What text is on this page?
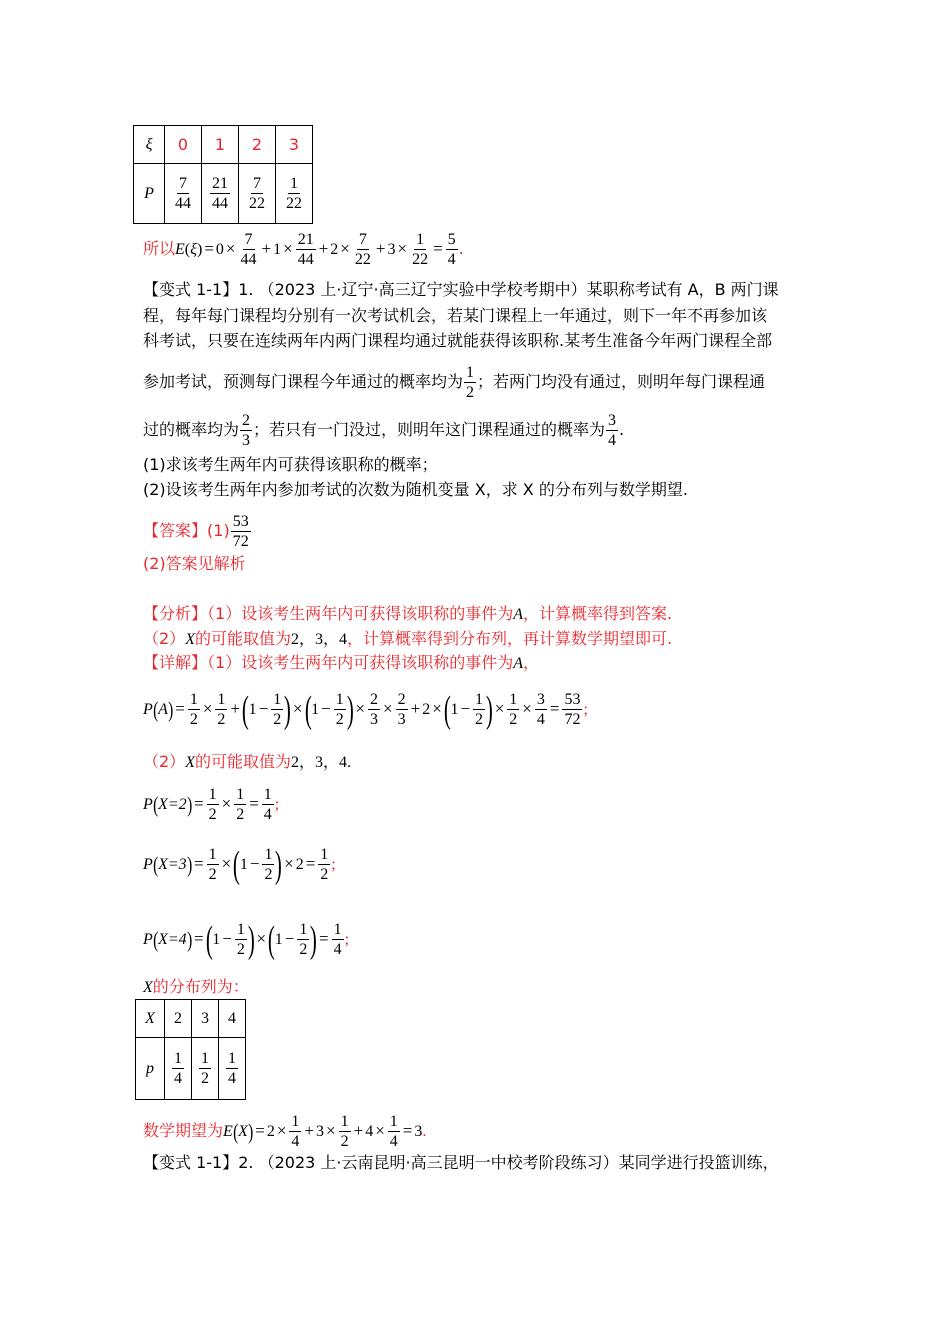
ξ	0	1	2	3
P	$\frac{7}{44}$	$\frac{21}{44}$	$\frac{7}{22}$	$\frac{1}{22}$
所以$E(\xi) = 0 \times \frac{7}{44} + 1 \times \frac{21}{44} + 2 \times \frac{7}{22} + 3 \times \frac{1}{22} = \frac{5}{4}$ .
【变式 1-1】1. （2023 上·辽宁·高三辽宁实验中学校考期中）某职称考试有 A，B 两门课
程，每年每门课程均分别有一次考试机会，若某门课程上一年通过，则下一年不再参加该
科考试，只要在连续两年内两门课程均通过就能获得该职称.某考生准备今年两门课程全部
参加考试，预测每门课程今年通过的概率均为 $\frac{1}{2}$ ；若两门均没有通过，则明年每门课程通
过的概率均为 $\frac{2}{3}$ ；若只有一门没过，则明年这门课程通过的概率为 $\frac{3}{4}$ .
(1)求该考生两年内可获得该职称的概率；
(2)设该考生两年内参加考试的次数为随机变量 X，求 X 的分布列与数学期望.
【答案】$(1) \frac{53}{72}$
(2)答案见解析
【分析】（1）设该考生两年内可获得该职称的事件为A，计算概率得到答案.
（2）X的可能取值为2，3，4，计算概率得到分布列，再计算数学期望即可.
【详解】（1）设该考生两年内可获得该职称的事件为A，
$P(A) = \frac{1}{2} \times \frac{1}{2} +(1 - \frac{1}{2}$ ) $\times(1 - \frac{1}{2}$ ) × $\frac{2}{3} \times \frac{2}{3} + 2 \times(1 - \frac{1}{2}$ ) × $\frac{1}{2} \times \frac{3}{4} = \frac{53}{72}$ ;
（2）X的可能取值为2，3，4.
$P(X=2) = \frac{1}{2} \times \frac{1}{2} = \frac{1}{4}$ ;
$P(X=3) = \frac{1}{2} \times(1 - \frac{1}{2}$ ) × $2 = \frac{1}{2}$ ;
$P(X=4) =(1 - \frac{1}{2}$ ) $\times(1 - \frac{1}{2}$ ) = $\frac{1}{4}$ ;
X的分布列为：
X	2	3	4
p	$\frac{1}{4}$	$\frac{1}{2}$	$\frac{1}{4}$
数学期望为$E(X) = 2 \times \frac{1}{4} + 3 \times \frac{1}{2} + 4 \times \frac{1}{4} = 3$.
【变式 1-1】2. （2023 上·云南昆明·高三昆明一中校考阶段练习）某同学进行投篮训练，
